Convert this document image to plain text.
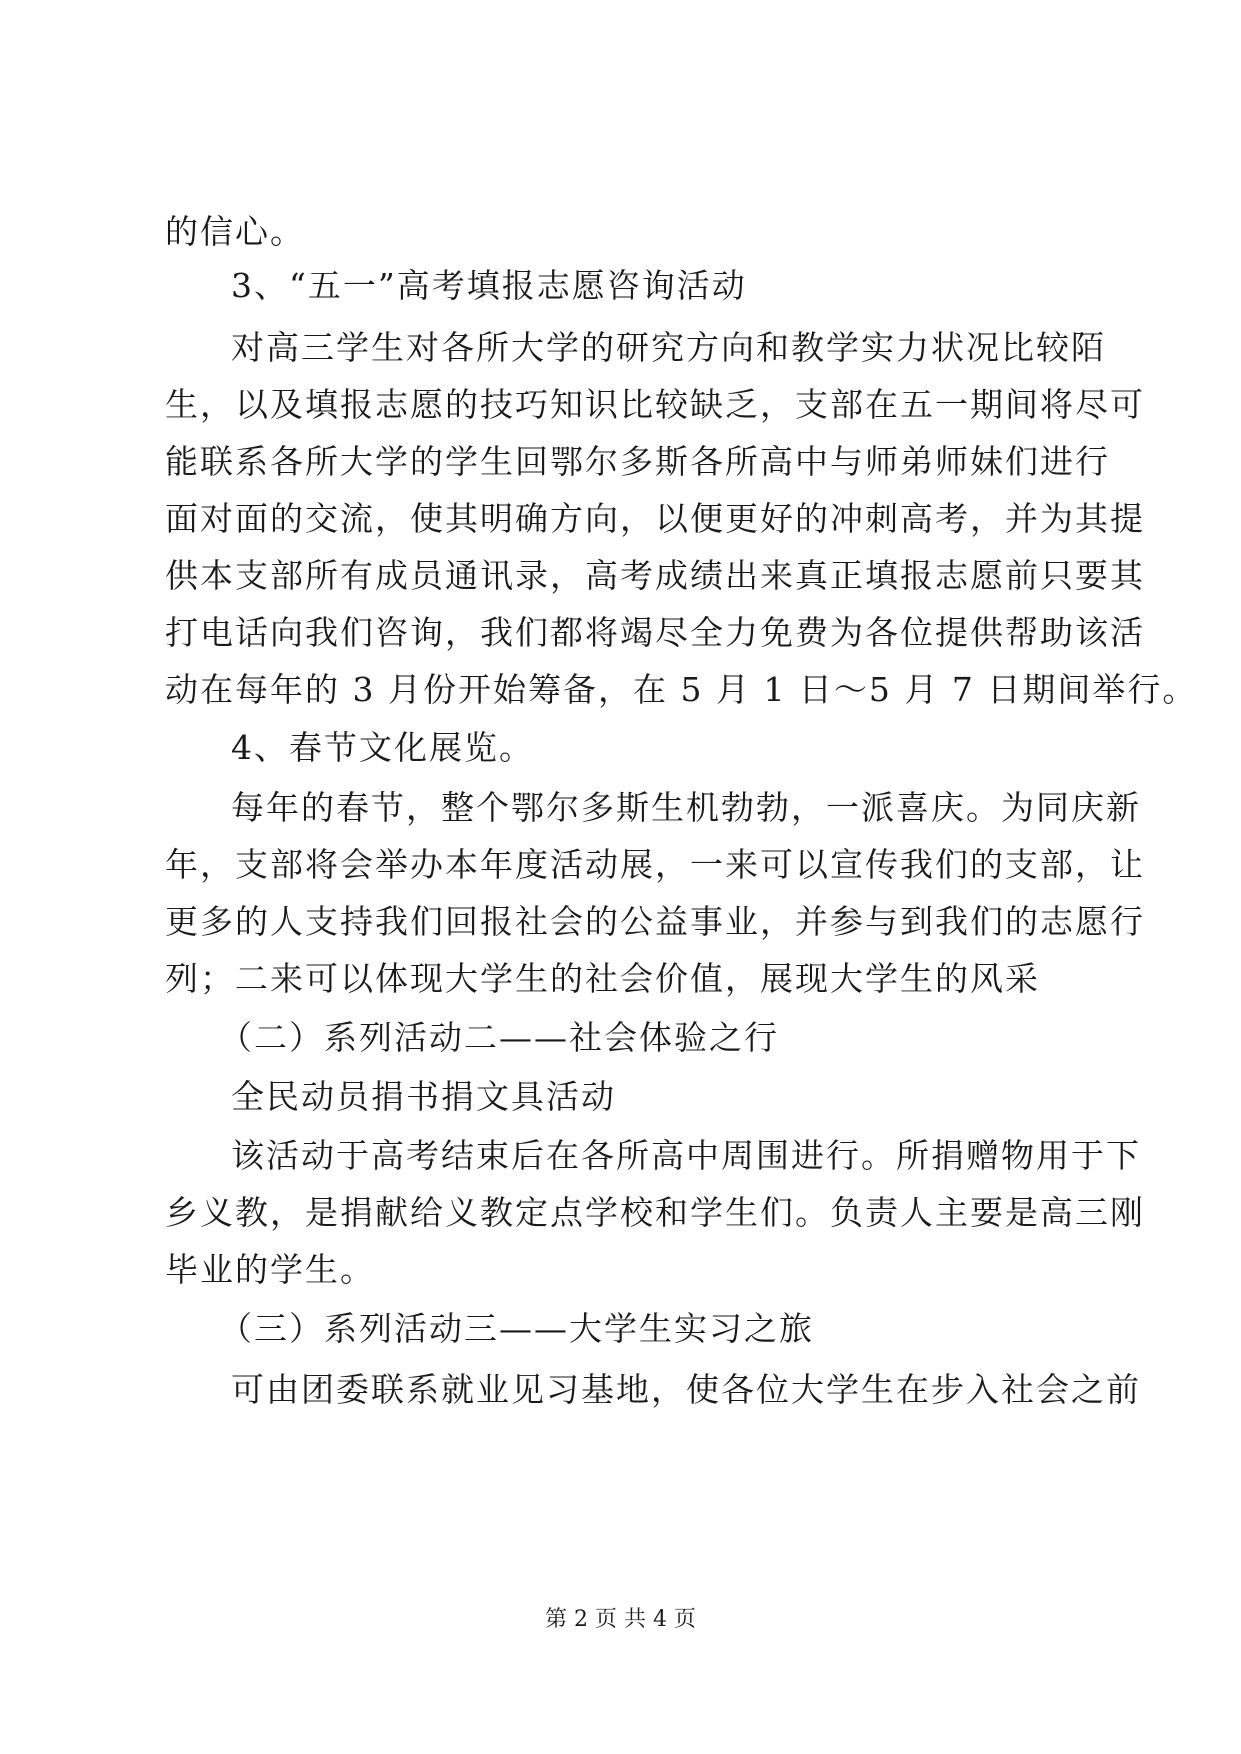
的信心。
3、“五一”高考填报志愿咨询活动
对高三学生对各所大学的研究方向和教学实力状况比较陌
生，以及填报志愿的技巧知识比较缺乏，支部在五一期间将尽可
能联系各所大学的学生回鄂尔多斯各所高中与师弟师妹们进行
面对面的交流，使其明确方向，以便更好的冲刺高考，并为其提
供本支部所有成员通讯录，高考成绩出来真正填报志愿前只要其
打电话向我们咨询，我们都将竭尽全力免费为各位提供帮助该活
动在每年的 3 月份开始筹备，在 5 月 1 日～5 月 7 日期间举行。
4、春节文化展览。
每年的春节，整个鄂尔多斯生机勃勃，一派喜庆。为同庆新
年，支部将会举办本年度活动展，一来可以宣传我们的支部，让
更多的人支持我们回报社会的公益事业，并参与到我们的志愿行
列；二来可以体现大学生的社会价值，展现大学生的风采
（二）系列活动二——社会体验之行
全民动员捐书捐文具活动
该活动于高考结束后在各所高中周围进行。所捐赠物用于下
乡义教，是捐献给义教定点学校和学生们。负责人主要是高三刚
毕业的学生。
（三）系列活动三——大学生实习之旅
可由团委联系就业见习基地，使各位大学生在步入社会之前
第 2 页 共 4 页
